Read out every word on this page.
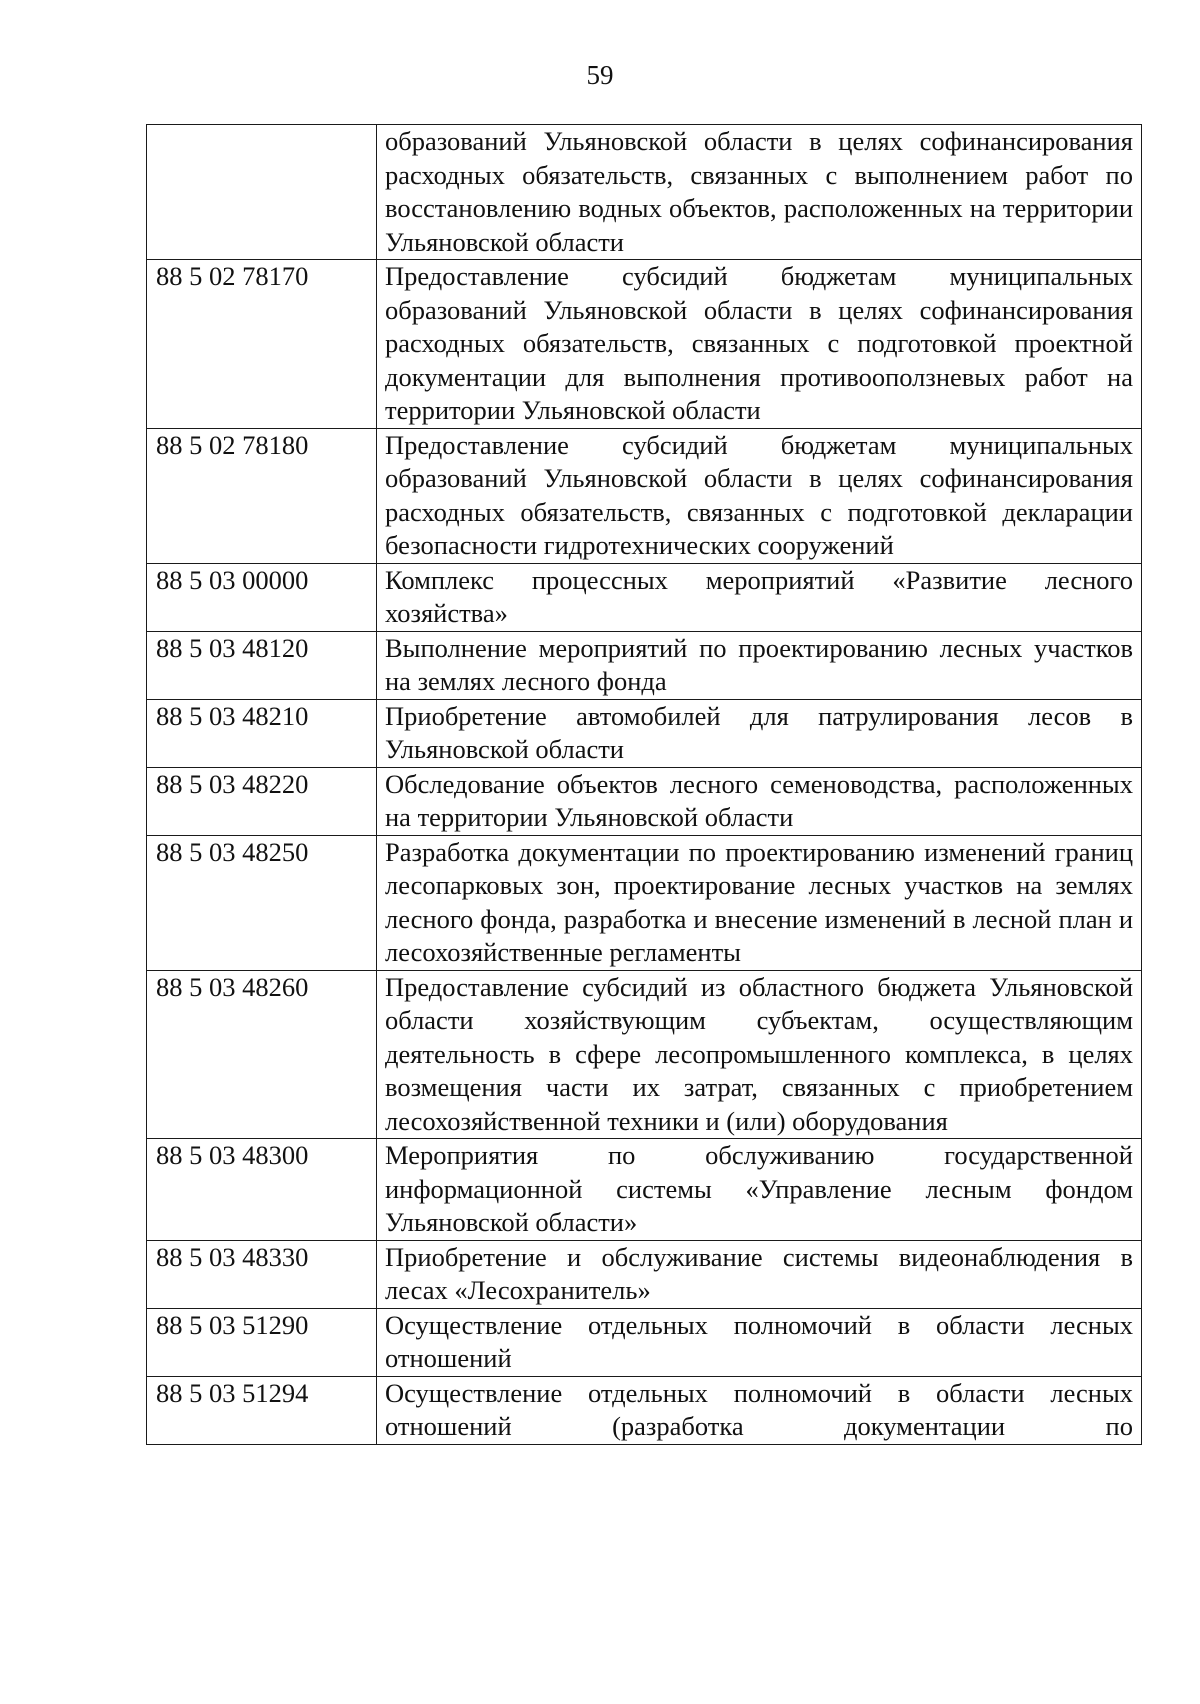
59
	образований Ульяновской области в целях софинансирования расходных обязательств, связанных с выполнением работ по восстановлению водных объектов, расположенных на территории Ульяновской области
88 5 02 78170	Предоставление субсидий бюджетам муниципальных образований Ульяновской области в целях софинансирования расходных обязательств, связанных с подготовкой проектной документации для выполнения противооползневых работ на территории Ульяновской области
88 5 02 78180	Предоставление субсидий бюджетам муниципальных образований Ульяновской области в целях софинансирования расходных обязательств, связанных с подготовкой декларации безопасности гидротехнических сооружений
88 5 03 00000	Комплекс процессных мероприятий «Развитие лесного хозяйства»
88 5 03 48120	Выполнение мероприятий по проектированию лесных участков на землях лесного фонда
88 5 03 48210	Приобретение автомобилей для патрулирования лесов в Ульяновской области
88 5 03 48220	Обследование объектов лесного семеноводства, расположенных на территории Ульяновской области
88 5 03 48250	Разработка документации по проектированию изменений границ лесопарковых зон, проектирование лесных участков на землях лесного фонда, разработка и внесение изменений в лесной план и лесохозяйственные регламенты
88 5 03 48260	Предоставление субсидий из областного бюджета Ульяновской области хозяйствующим субъектам, осуществляющим деятельность в сфере лесопромышленного комплекса, в целях возмещения части их затрат, связанных с приобретением лесохозяйственной техники и (или) оборудования
88 5 03 48300	Мероприятия по обслуживанию государственной информационной системы «Управление лесным фондом Ульяновской области»
88 5 03 48330	Приобретение и обслуживание системы видеонаблюдения в лесах «Лесохранитель»
88 5 03 51290	Осуществление отдельных полномочий в области лесных отношений
88 5 03 51294	Осуществление отдельных полномочий в области лесных отношений (разработка документации по
